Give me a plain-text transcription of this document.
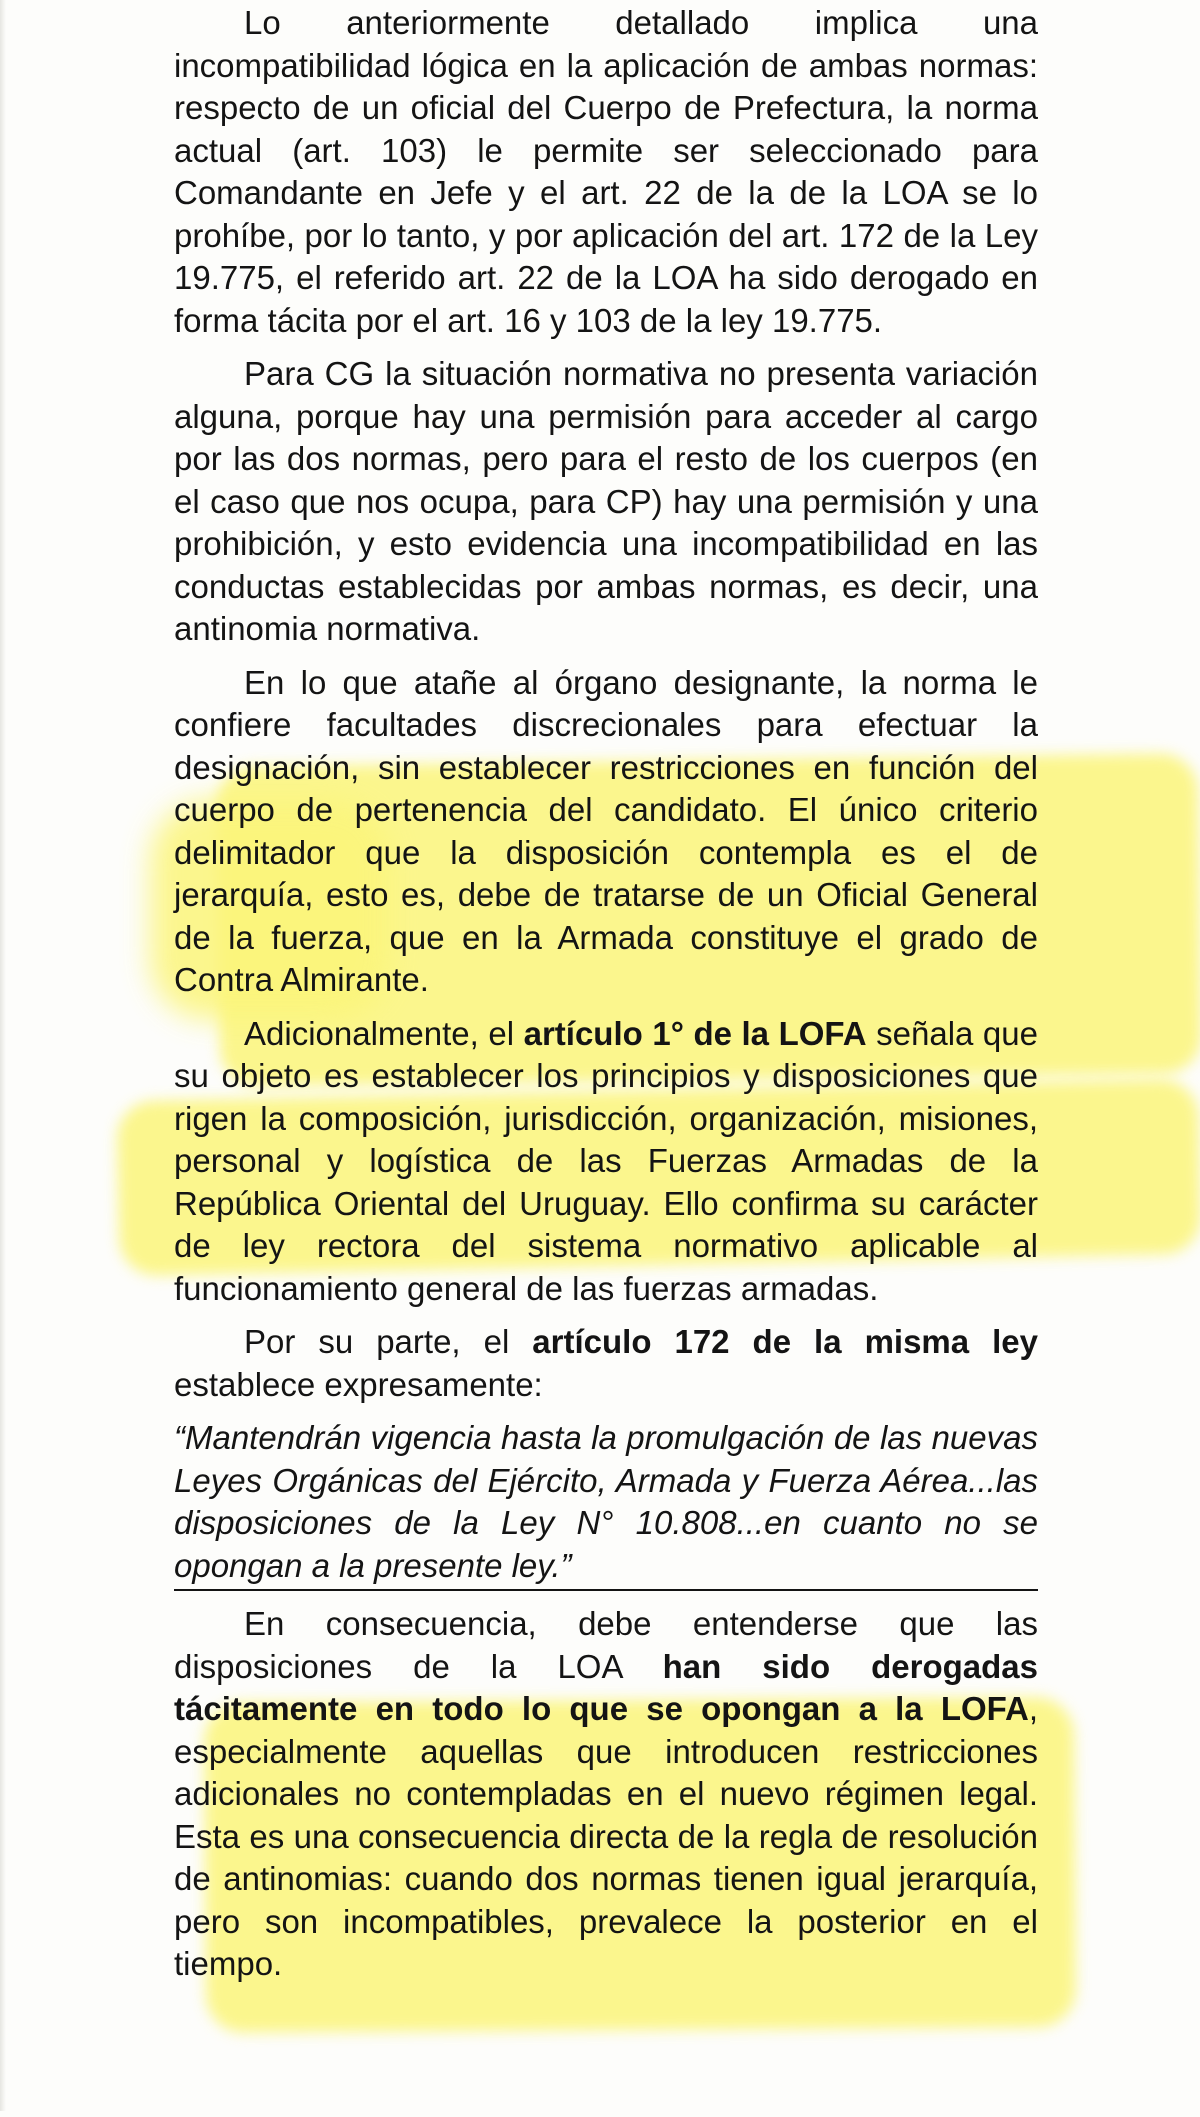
Lo anteriormente detallado implica una incompatibilidad lógica en la aplicación de ambas normas: respecto de un oficial del Cuerpo de Prefectura, la norma actual (art. 103) le permite ser seleccionado para Comandante en Jefe y el art. 22 de la de la LOA se lo prohíbe, por lo tanto, y por aplicación del art. 172 de la Ley 19.775, el referido art. 22 de la LOA ha sido derogado en forma tácita por el art. 16 y 103 de la ley 19.775.

Para CG la situación normativa no presenta variación alguna, porque hay una permisión para acceder al cargo por las dos normas, pero para el resto de los cuerpos (en el caso que nos ocupa, para CP) hay una permisión y una prohibición, y esto evidencia una incompatibilidad en las conductas establecidas por ambas normas, es decir, una antinomia normativa.

En lo que atañe al órgano designante, la norma le confiere facultades discrecionales para efectuar la designación, sin establecer restricciones en función del cuerpo de pertenencia del candidato. El único criterio delimitador que la disposición contempla es el de jerarquía, esto es, debe de tratarse de un Oficial General de la fuerza, que en la Armada constituye el grado de Contra Almirante.

Adicionalmente, el artículo 1° de la LOFA señala que su objeto es establecer los principios y disposiciones que rigen la composición, jurisdicción, organización, misiones, personal y logística de las Fuerzas Armadas de la República Oriental del Uruguay. Ello confirma su carácter de ley rectora del sistema normativo aplicable al funcionamiento general de las fuerzas armadas.

Por su parte, el artículo 172 de la misma ley establece expresamente:

“Mantendrán vigencia hasta la promulgación de las nuevas Leyes Orgánicas del Ejército, Armada y Fuerza Aérea...las disposiciones de la Ley N° 10.808...en cuanto no se opongan a la presente ley.”

En consecuencia, debe entenderse que las disposiciones de la LOA han sido derogadas tácitamente en todo lo que se opongan a la LOFA, especialmente aquellas que introducen restricciones adicionales no contempladas en el nuevo régimen legal. Esta es una consecuencia directa de la regla de resolución de antinomias: cuando dos normas tienen igual jerarquía, pero son incompatibles, prevalece la posterior en el tiempo.
